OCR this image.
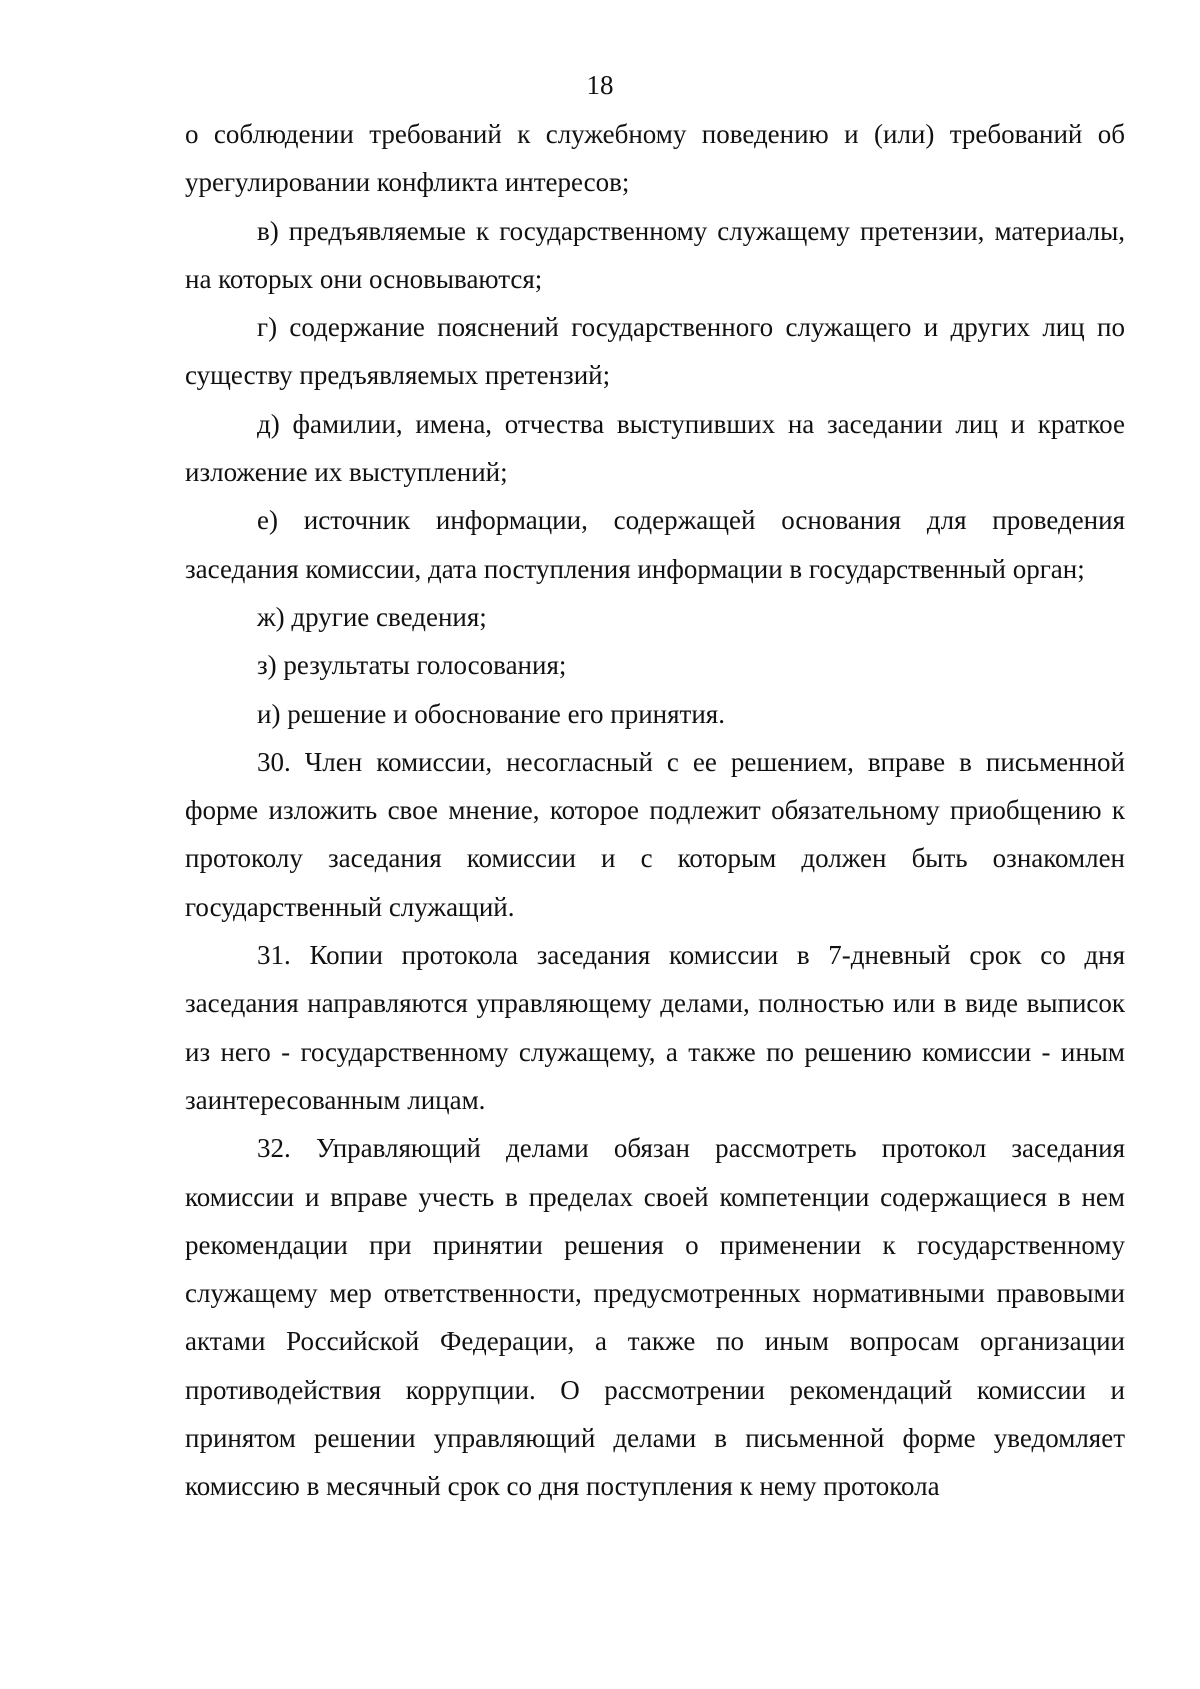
18

о соблюдении требований к служебному поведению и (или) требований об урегулировании конфликта интересов;

в) предъявляемые к государственному служащему претензии, материалы, на которых они основываются;

г) содержание пояснений государственного служащего и других лиц по существу предъявляемых претензий;

д) фамилии, имена, отчества выступивших на заседании лиц и краткое изложение их выступлений;

е) источник информации, содержащей основания для проведения заседания комиссии, дата поступления информации в государственный орган;

ж) другие сведения;

з) результаты голосования;

и) решение и обоснование его принятия.

30. Член комиссии, несогласный с ее решением, вправе в письменной форме изложить свое мнение, которое подлежит обязательному приобщению к протоколу заседания комиссии и с которым должен быть ознакомлен государственный служащий.

31. Копии протокола заседания комиссии в 7-дневный срок со дня заседания направляются управляющему делами, полностью или в виде выписок из него - государственному служащему, а также по решению комиссии - иным заинтересованным лицам.

32. Управляющий делами обязан рассмотреть протокол заседания комиссии и вправе учесть в пределах своей компетенции содержащиеся в нем рекомендации при принятии решения о применении к государственному служащему мер ответственности, предусмотренных нормативными правовыми актами Российской Федерации, а также по иным вопросам организации противодействия коррупции. О рассмотрении рекомендаций комиссии и принятом решении управляющий делами в письменной форме уведомляет комиссию в месячный срок со дня поступления к нему протокола
